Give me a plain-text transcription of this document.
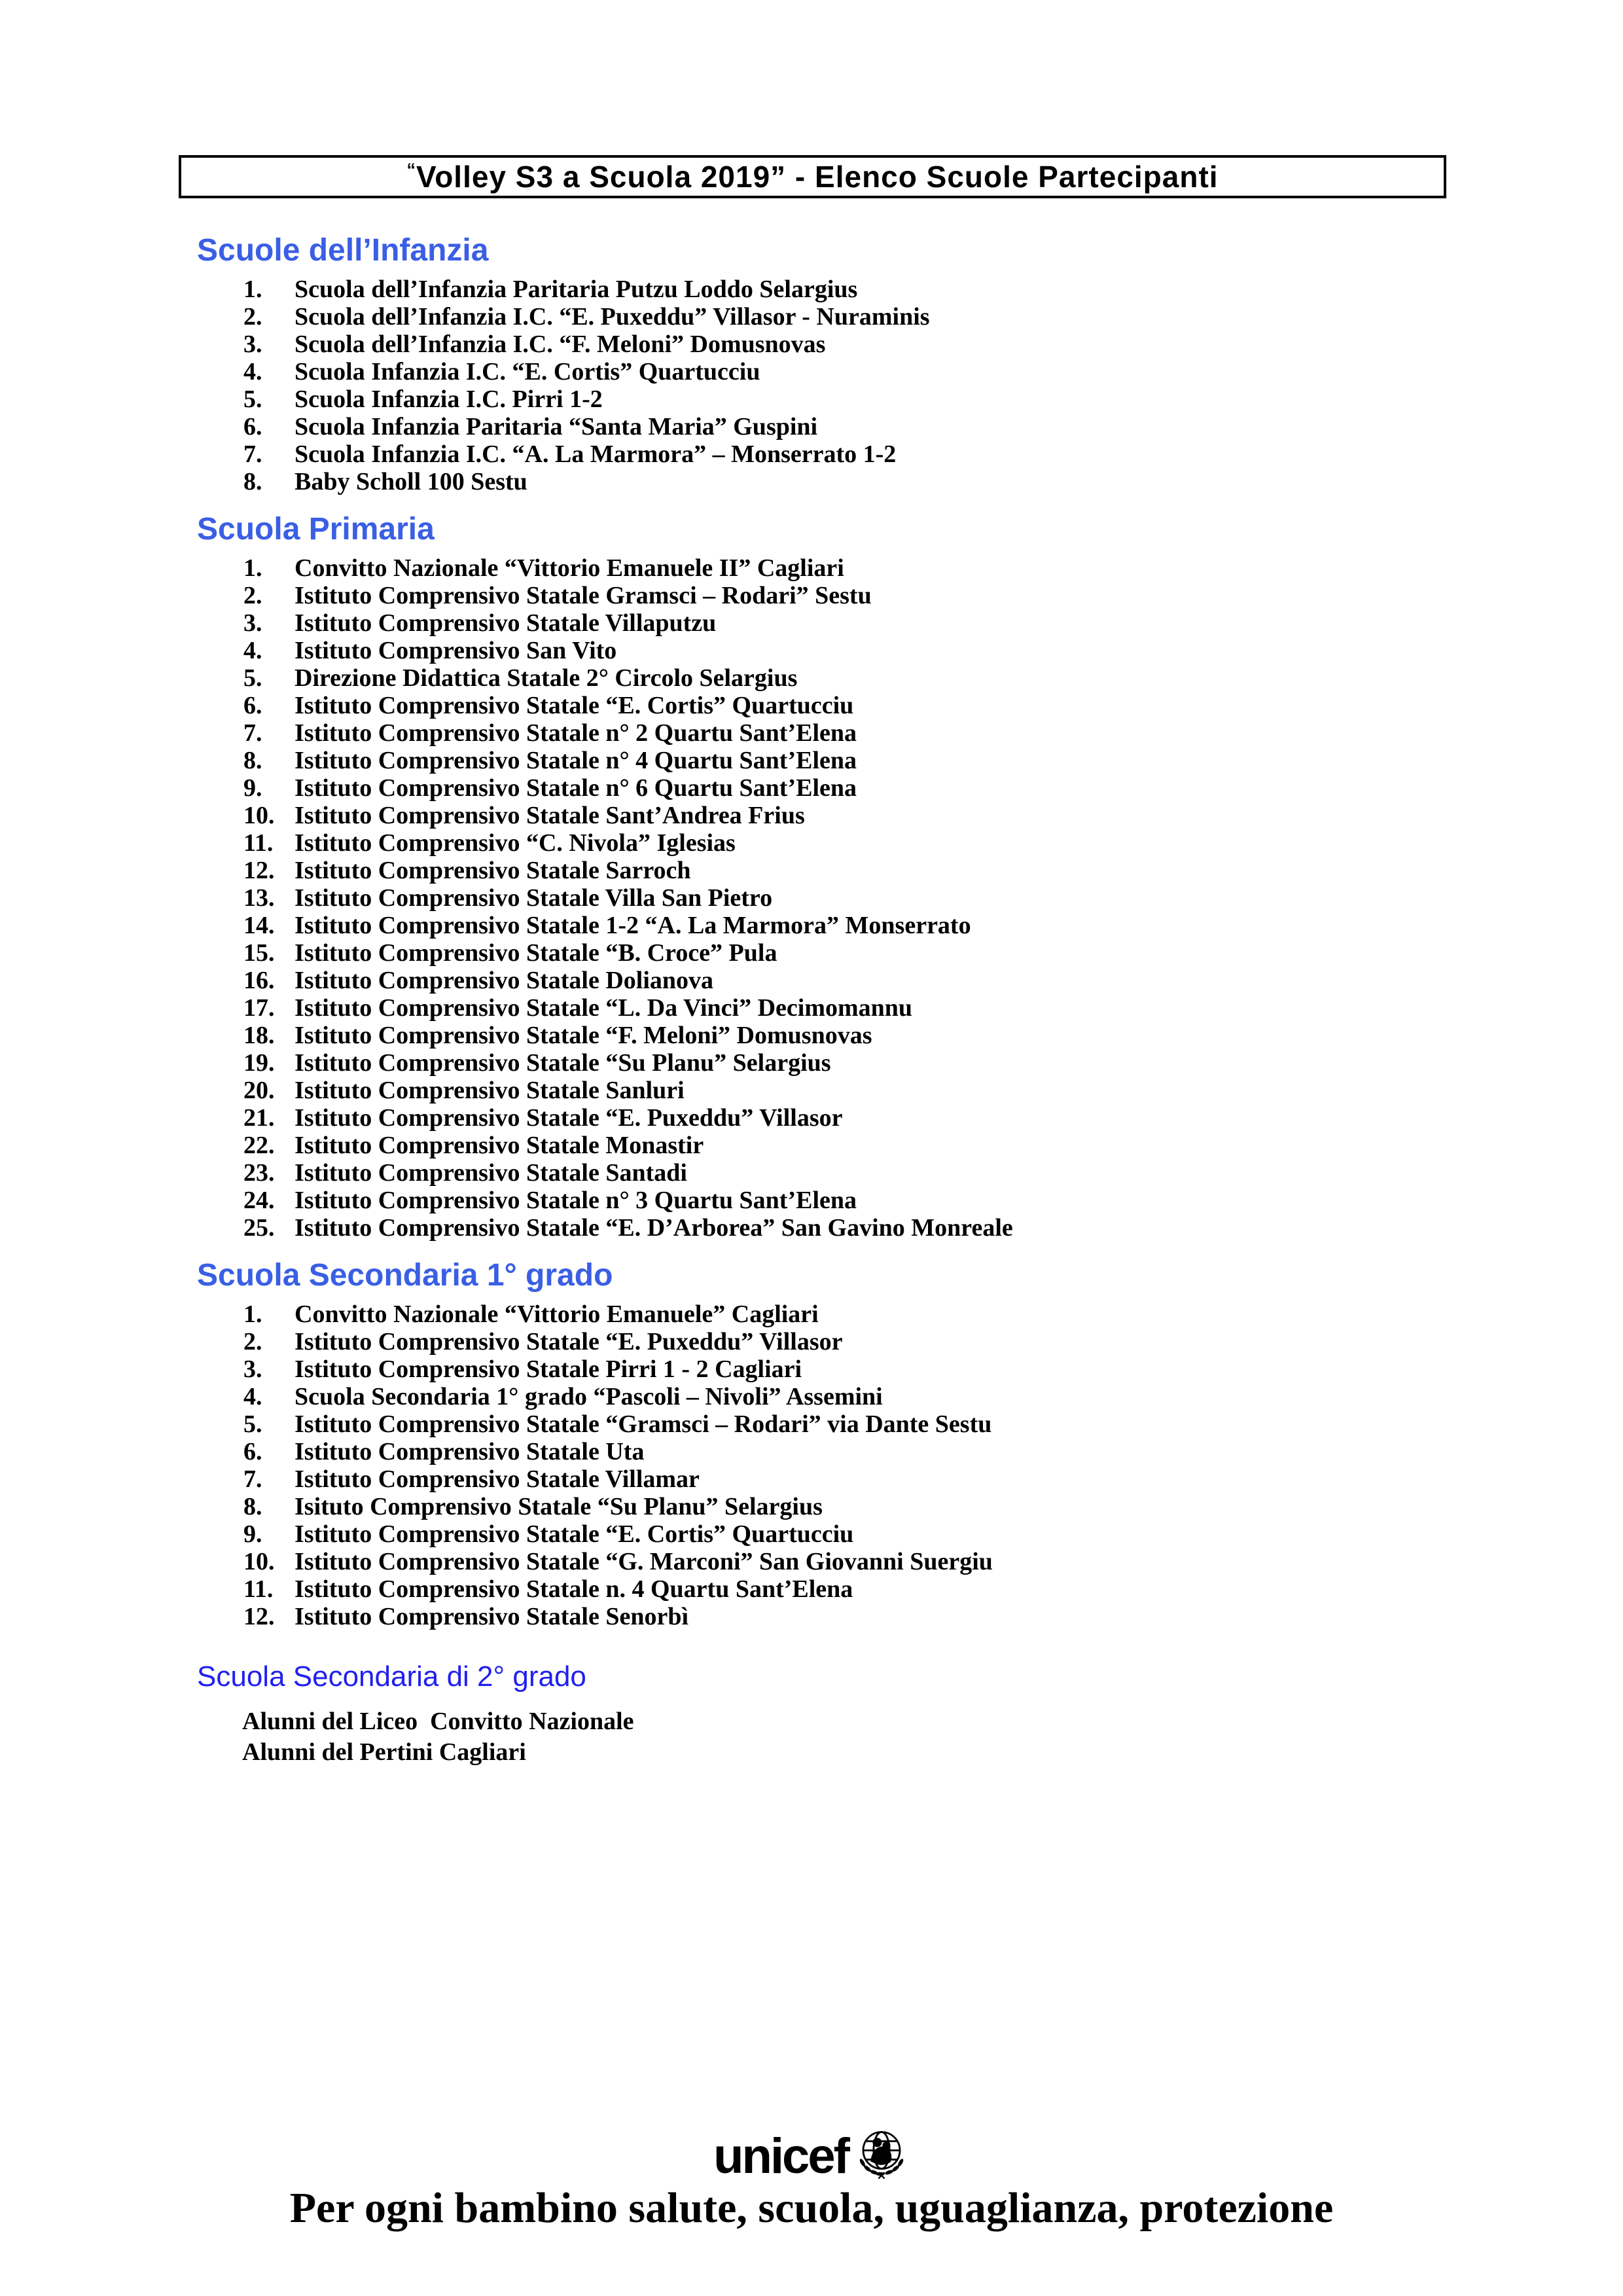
“ Volley S3 a Scuola 2019” - Elenco Scuole Partecipanti
Scuole dell’Infanzia
1.	Scuola dell’Infanzia Paritaria Putzu Loddo Selargius
2.	Scuola dell’Infanzia I.C. “E. Puxeddu” Villasor - Nuraminis
3.	Scuola dell’Infanzia I.C. “F. Meloni” Domusnovas
4.	Scuola Infanzia I.C. “E. Cortis” Quartucciu
5.	Scuola Infanzia I.C. Pirri 1-2
6.	Scuola Infanzia Paritaria “Santa Maria” Guspini
7.	Scuola Infanzia I.C. “A. La Marmora” – Monserrato 1-2
8.	Baby Scholl 100 Sestu
Scuola Primaria
1.	Convitto Nazionale “Vittorio Emanuele II” Cagliari
2.	Istituto Comprensivo Statale Gramsci – Rodari” Sestu
3.	Istituto Comprensivo Statale Villaputzu
4.	Istituto Comprensivo San Vito
5.	Direzione Didattica Statale 2° Circolo Selargius
6.	Istituto Comprensivo Statale “E. Cortis” Quartucciu
7.	Istituto Comprensivo Statale n° 2 Quartu Sant’Elena
8.	Istituto Comprensivo Statale n° 4 Quartu Sant’Elena
9.	Istituto Comprensivo Statale n° 6 Quartu Sant’Elena
10. Istituto Comprensivo Statale Sant’Andrea Frius
11. Istituto Comprensivo “C. Nivola” Iglesias
12. Istituto Comprensivo Statale Sarroch
13. Istituto Comprensivo Statale Villa San Pietro
14. Istituto Comprensivo Statale 1-2 “A. La Marmora” Monserrato
15. Istituto Comprensivo Statale “B. Croce” Pula
16. Istituto Comprensivo Statale Dolianova
17. Istituto Comprensivo Statale “L. Da Vinci” Decimomannu
18. Istituto Comprensivo Statale “F. Meloni” Domusnovas
19. Istituto Comprensivo Statale “Su Planu” Selargius
20. Istituto Comprensivo Statale Sanluri
21. Istituto Comprensivo Statale “E. Puxeddu” Villasor
22. Istituto Comprensivo Statale Monastir
23. Istituto Comprensivo Statale Santadi
24. Istituto Comprensivo Statale n° 3 Quartu Sant’Elena
25. Istituto Comprensivo Statale “E. D’Arborea” San Gavino Monreale
Scuola Secondaria 1° grado
1.	Convitto Nazionale “Vittorio Emanuele” Cagliari
2.	Istituto Comprensivo Statale “E. Puxeddu” Villasor
3.	Istituto Comprensivo Statale Pirri 1 - 2 Cagliari
4.	Scuola Secondaria 1° grado “Pascoli – Nivoli” Assemini
5.	Istituto Comprensivo Statale “Gramsci – Rodari” via Dante Sestu
6.	Istituto Comprensivo Statale Uta
7.	Istituto Comprensivo Statale Villamar
8.	Isituto Comprensivo Statale “Su Planu” Selargius
9.	Istituto Comprensivo Statale “E. Cortis” Quartucciu
10. Istituto Comprensivo Statale “G. Marconi” San Giovanni Suergiu
11. Istituto Comprensivo Statale n. 4 Quartu Sant’Elena
12. Istituto Comprensivo Statale Senorbì
Scuola Secondaria di 2° grado
Alunni del Liceo  Convitto Nazionale
Alunni del Pertini Cagliari
unicef
Per ogni bambino salute, scuola, uguaglianza, protezione
